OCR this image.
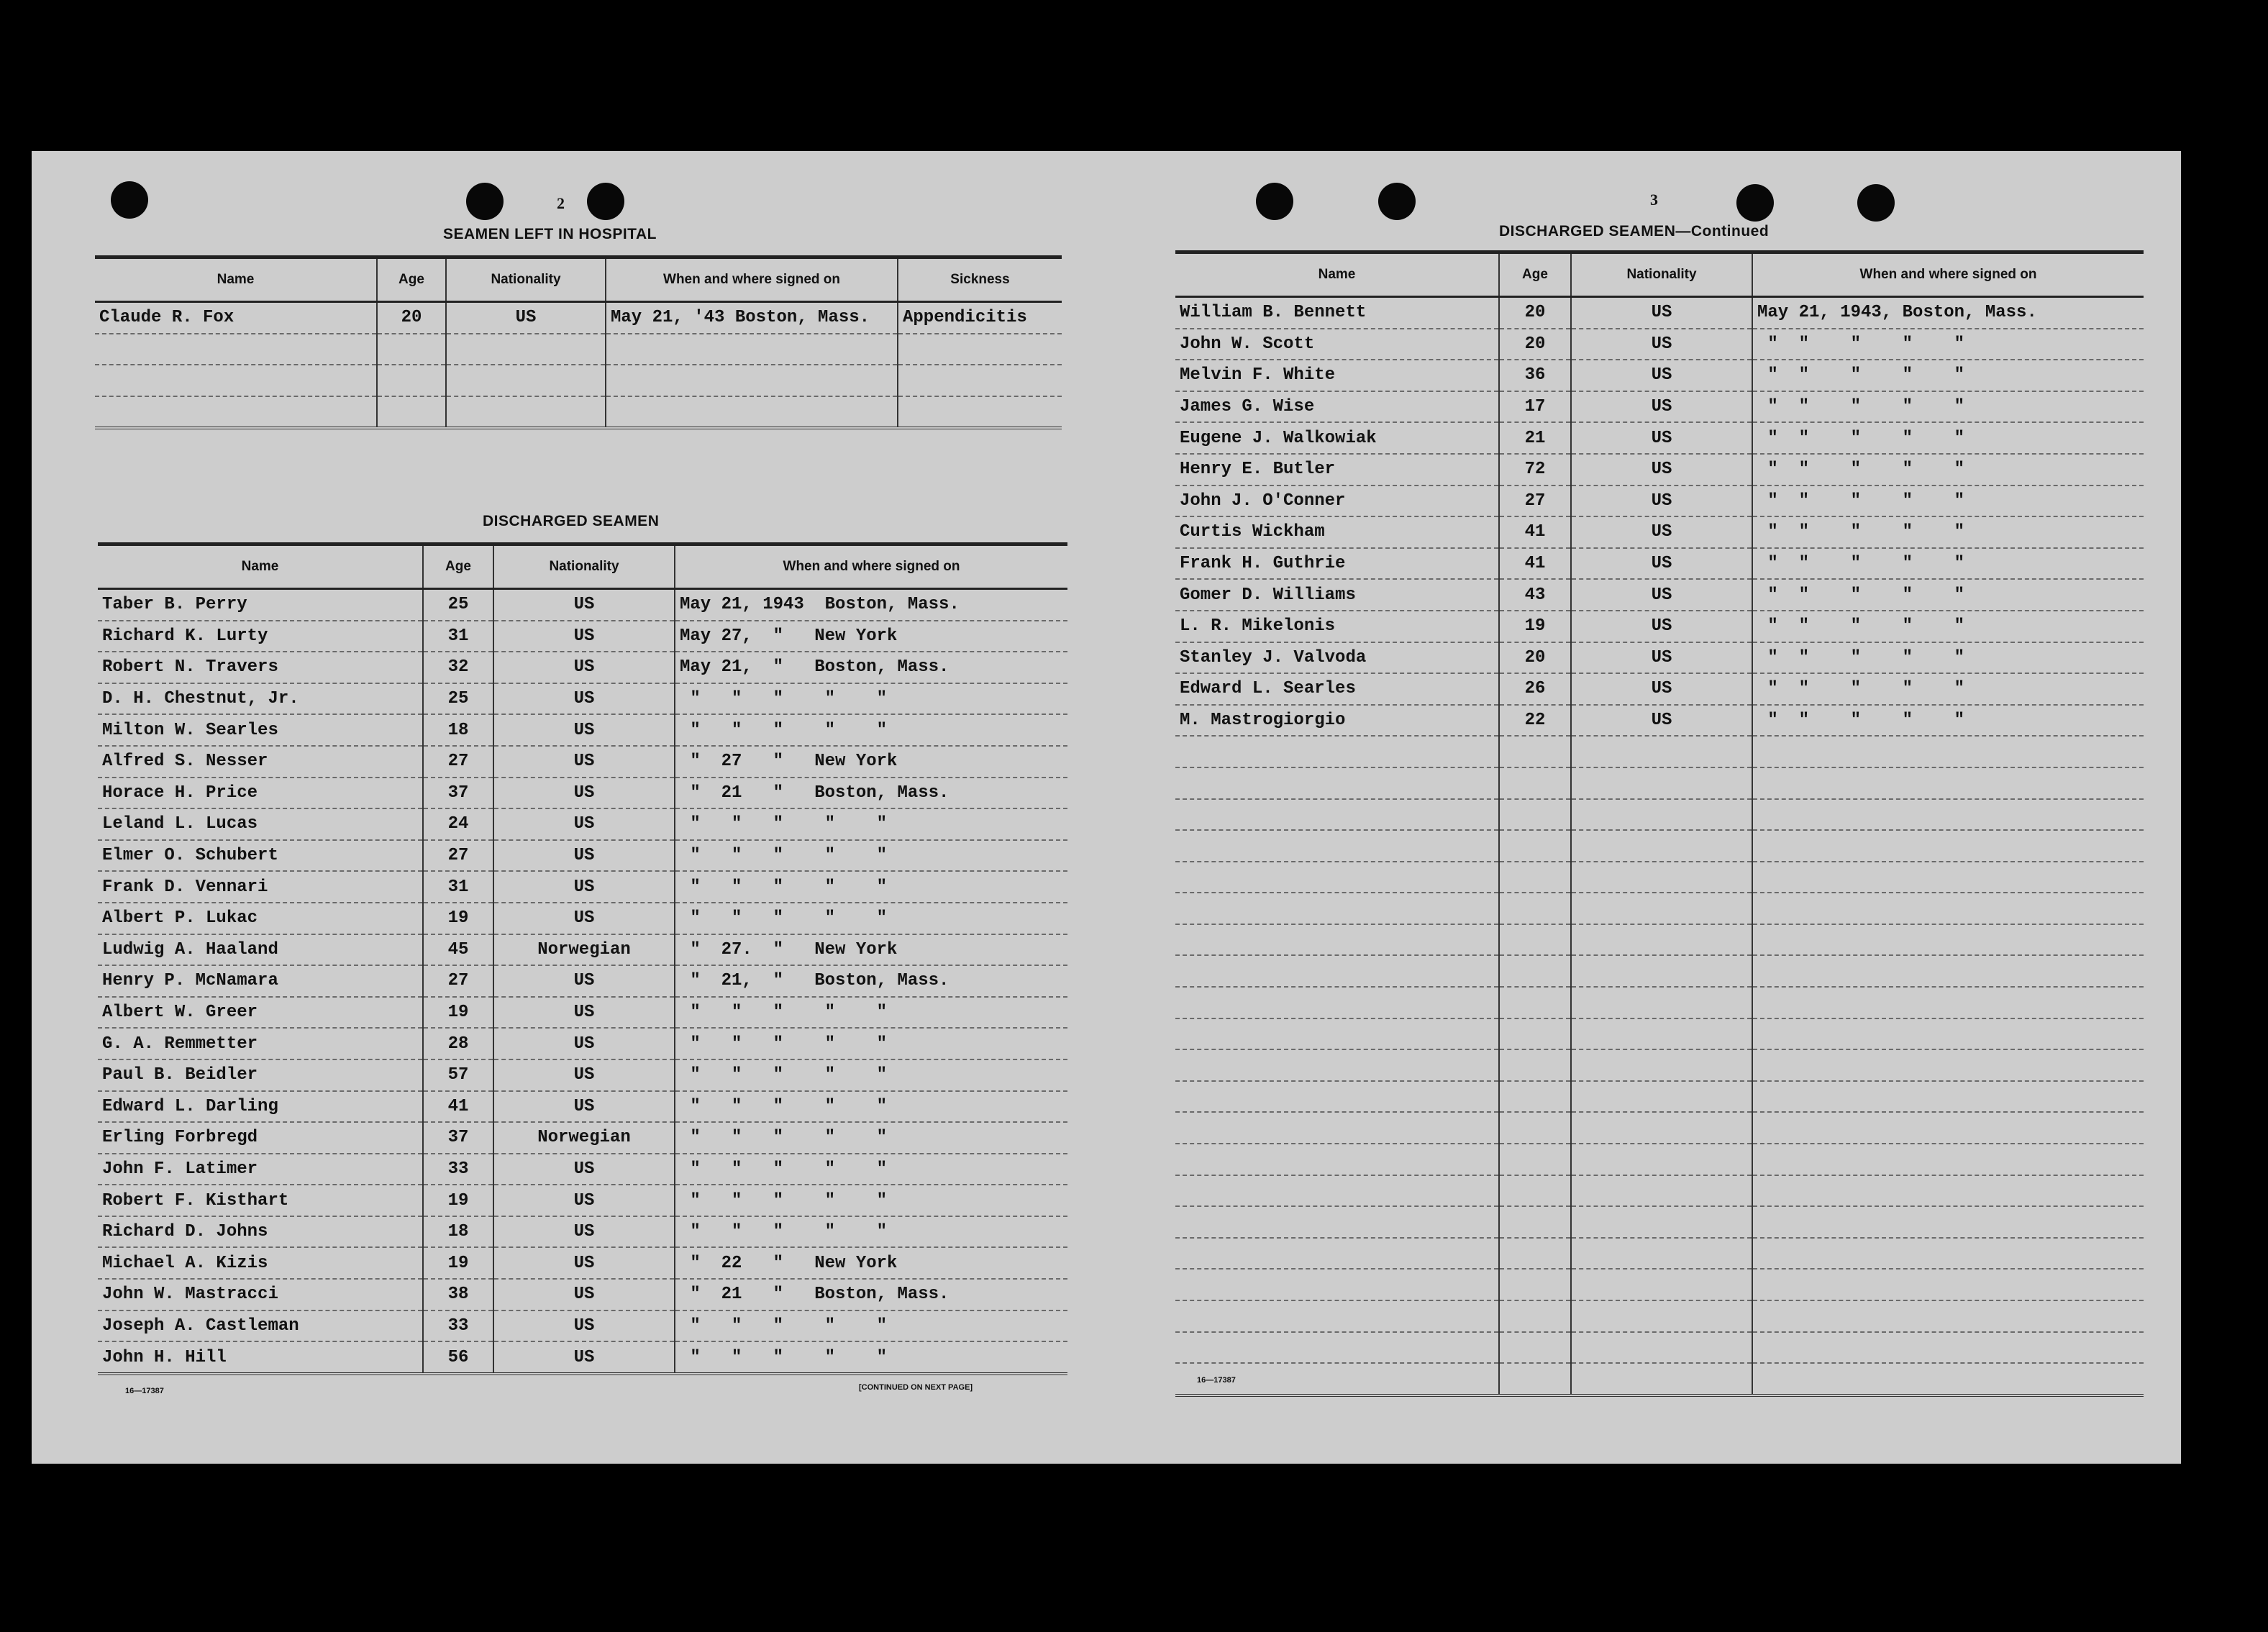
2
SEAMEN LEFT IN HOSPITAL
Name	Age	Nationality	When and where signed on	Sickness
Claude R. Fox	20	US	May 21, '43 Boston, Mass.	Appendicitis

DISCHARGED SEAMEN
Name	Age	Nationality	When and where signed on
Taber B. Perry	25	US	May 21, 1943  Boston, Mass.
Richard K. Lurty	31	US	May 27,  "   New York
Robert N. Travers	32	US	May 21,  "   Boston, Mass.
D. H. Chestnut, Jr.	25	US	"   "   "    "    "
Milton W. Searles	18	US	"   "   "    "    "
Alfred S. Nesser	27	US	"  27   "   New York
Horace H. Price	37	US	"  21   "   Boston, Mass.
Leland L. Lucas	24	US	"   "   "    "    "
Elmer O. Schubert	27	US	"   "   "    "    "
Frank D. Vennari	31	US	"   "   "    "    "
Albert P. Lukac	19	US	"   "   "    "    "
Ludwig A. Haaland	45	Norwegian	"  27.  "   New York
Henry P. McNamara	27	US	"  21,  "   Boston, Mass.
Albert W. Greer	19	US	"   "   "    "    "
G. A. Remmetter	28	US	"   "   "    "    "
Paul B. Beidler	57	US	"   "   "    "    "
Edward L. Darling	41	US	"   "   "    "    "
Erling Forbregd	37	Norwegian	"   "   "    "    "
John F. Latimer	33	US	"   "   "    "    "
Robert F. Kisthart	19	US	"   "   "    "    "
Richard D. Johns	18	US	"   "   "    "    "
Michael A. Kizis	19	US	"  22   "   New York
John W. Mastracci	38	US	"  21   "   Boston, Mass.
Joseph A. Castleman	33	US	"   "   "    "    "
John H. Hill	56	US	"   "   "    "    "
16—17387	[CONTINUED ON NEXT PAGE]
3
DISCHARGED SEAMEN—Continued
Name	Age	Nationality	When and where signed on
William B. Bennett	20	US	May 21, 1943, Boston, Mass.
John W. Scott	20	US	"  "    "    "    "
Melvin F. White	36	US	"  "    "    "    "
James G. Wise	17	US	"  "    "    "    "
Eugene J. Walkowiak	21	US	"  "    "    "    "
Henry E. Butler	72	US	"  "    "    "    "
John J. O'Conner	27	US	"  "    "    "    "
Curtis Wickham	41	US	"  "    "    "    "
Frank H. Guthrie	41	US	"  "    "    "    "
Gomer D. Williams	43	US	"  "    "    "    "
L. R. Mikelonis	19	US	"  "    "    "    "
Stanley J. Valvoda	20	US	"  "    "    "    "
Edward L. Searles	26	US	"  "    "    "    "
M. Mastrogiorgio	22	US	"  "    "    "    "

16—17387
